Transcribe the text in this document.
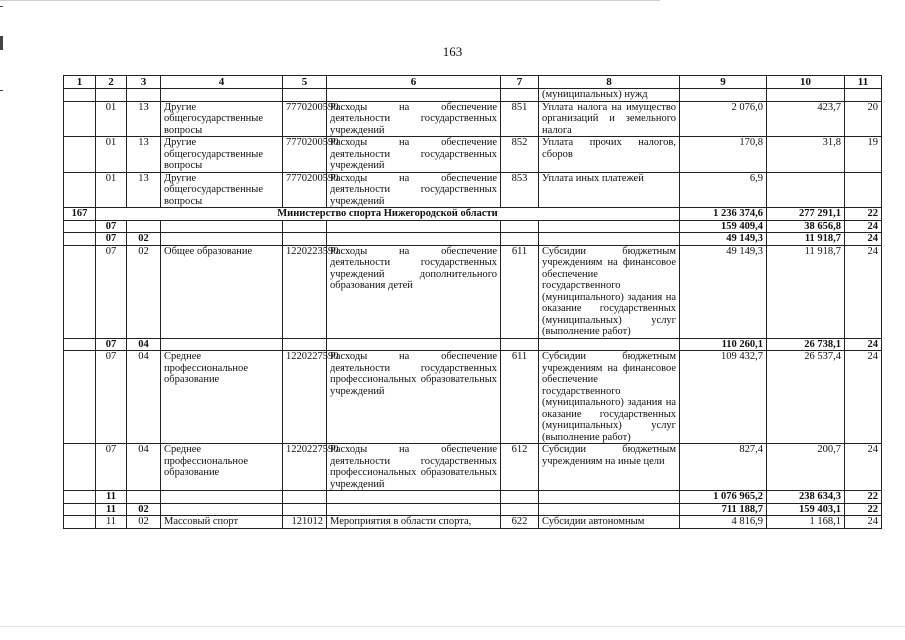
163
1	2	3	4	5	6	7	8	9	10	11
							(муниципальных) нужд			
	01	13	Другие общегосударственные вопросы	7770200590	Расходы на обеспечение деятельности государственных учреждений	851	Уплата налога на имущество организаций и земельного налога	2 076,0	423,7	20
	01	13	Другие общегосударственные вопросы	7770200590	Расходы на обеспечение деятельности государственных учреждений	852	Уплата прочих налогов, сборов	170,8	31,8	19
	01	13	Другие общегосударственные вопросы	7770200590	Расходы на обеспечение деятельности государственных учреждений	853	Уплата иных платежей	6,9		
167	Министерство спорта Нижегородской области							1 236 374,6	277 291,1	22
	07							159 409,4	38 656,8	24
	07	02						49 149,3	11 918,7	24
	07	02	Общее образование	1220223590	Расходы на обеспечение деятельности государственных учреждений дополнительного образования детей	611	Субсидии бюджетным учреждениям на финансовое обеспечение государственного (муниципального) задания на оказание государственных (муниципальных) услуг (выполнение работ)	49 149,3	11 918,7	24
	07	04						110 260,1	26 738,1	24
	07	04	Среднее профессиональное образование	1220227590	Расходы на обеспечение деятельности государственных профессиональных образовательных учреждений	611	Субсидии бюджетным учреждениям на финансовое обеспечение государственного (муниципального) задания на оказание государственных (муниципальных) услуг (выполнение работ)	109 432,7	26 537,4	24
	07	04	Среднее профессиональное образование	1220227590	Расходы на обеспечение деятельности государственных профессиональных образовательных учреждений	612	Субсидии бюджетным учреждениям на иные цели	827,4	200,7	24
	11							1 076 965,2	238 634,3	22
	11	02						711 188,7	159 403,1	22
	11	02	Массовый спорт	121012	Мероприятия в области спорта,	622	Субсидии автономным	4 816,9	1 168,1	24
